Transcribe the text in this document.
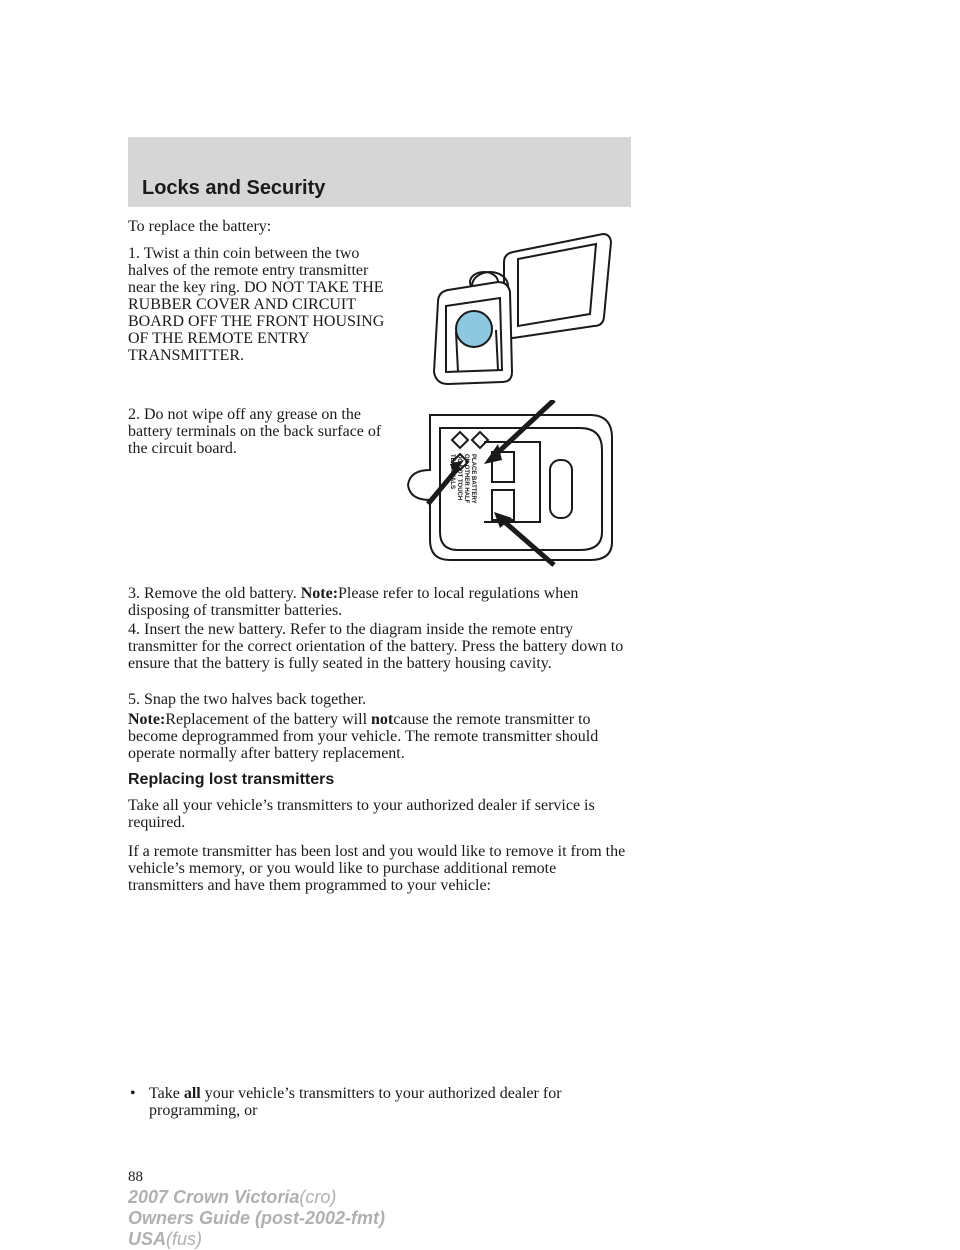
Locks and Security

To replace the battery:

1. Twist a thin coin between the two halves of the remote entry transmitter near the key ring. DO NOT TAKE THE RUBBER COVER AND CIRCUIT BOARD OFF THE FRONT HOUSING OF THE REMOTE ENTRY TRANSMITTER.

2. Do not wipe off any grease on the battery terminals on the back surface of the circuit board.

3. Remove the old battery. Note:Please refer to local regulations when disposing of transmitter batteries.

4. Insert the new battery. Refer to the diagram inside the remote entry transmitter for the correct orientation of the battery. Press the battery down to ensure that the battery is fully seated in the battery housing cavity.

5. Snap the two halves back together.

Note:Replacement of the battery will notcause the remote transmitter to become deprogrammed from your vehicle. The remote transmitter should operate normally after battery replacement.

Replacing lost transmitters

Take all your vehicle’s transmitters to your authorized dealer if service is required.

If a remote transmitter has been lost and you would like to remove it from the vehicle’s memory, or you would like to purchase additional remote transmitters and have them programmed to your vehicle:

• Take all your vehicle’s transmitters to your authorized dealer for programming, or

PLACE BATTERY
ON OTHER HALF
DO NOT TOUCH
TERMINALS

88

2007 Crown Victoria(cro)
Owners Guide (post-2002-fmt)
USA(fus)
